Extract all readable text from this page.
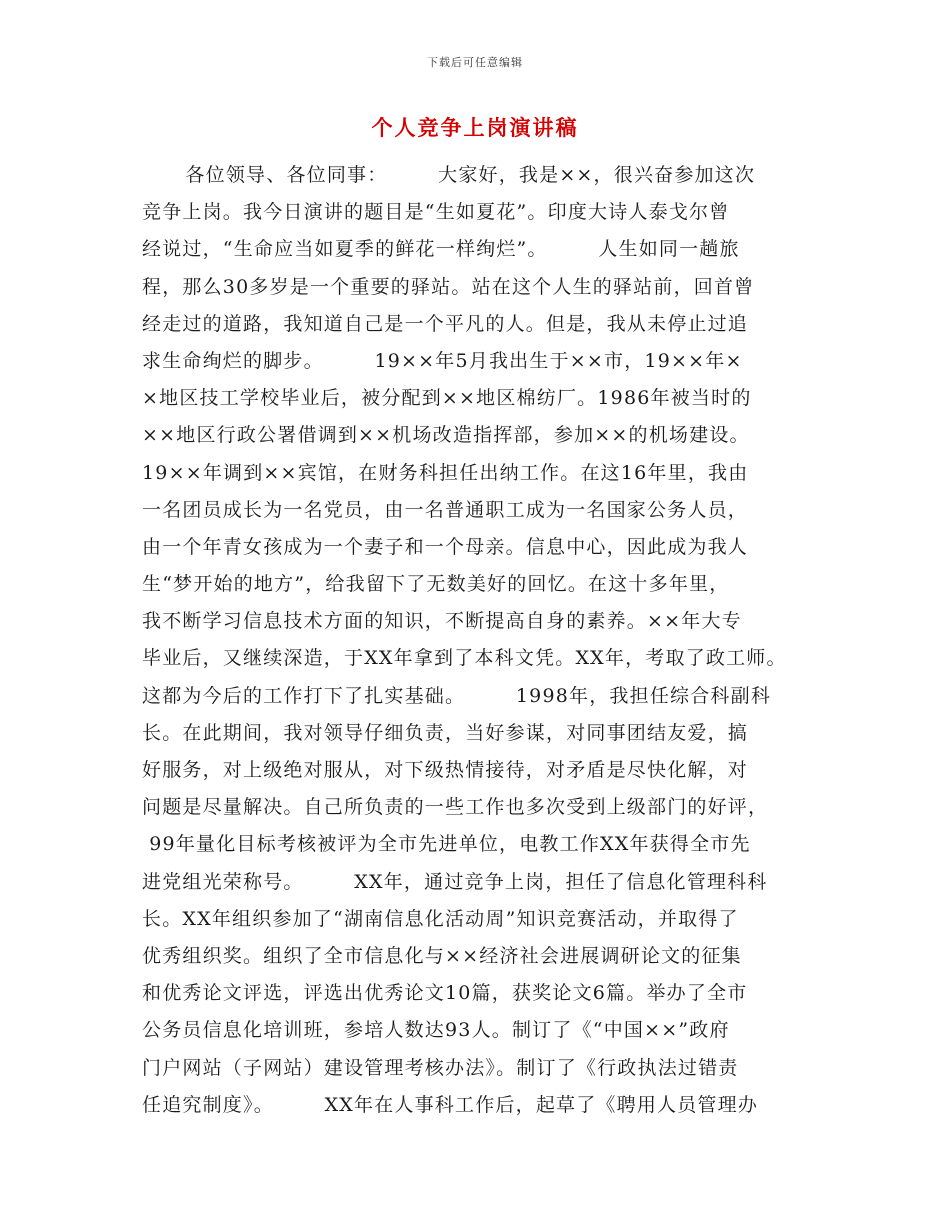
下载后可任意编辑
个人竞争上岗演讲稿
各位领导、各位同事：       大家好，我是××，很兴奋参加这次
竞争上岗。我今日演讲的题目是“生如夏花”。印度大诗人泰戈尔曾
经说过，“生命应当如夏季的鲜花一样绚烂”。       人生如同一趟旅
程，那么30多岁是一个重要的驿站。站在这个人生的驿站前，回首曾
经走过的道路，我知道自己是一个平凡的人。但是，我从未停止过追
求生命绚烂的脚步。       19××年5月我出生于××市，19××年×
×地区技工学校毕业后，被分配到××地区棉纺厂。1986年被当时的
××地区行政公署借调到××机场改造指挥部，参加××的机场建设。
19××年调到××宾馆，在财务科担任出纳工作。在这16年里，我由
一名团员成长为一名党员，由一名普通职工成为一名国家公务人员，
由一个年青女孩成为一个妻子和一个母亲。信息中心，因此成为我人
生“梦开始的地方”，给我留下了无数美好的回忆。在这十多年里，
我不断学习信息技术方面的知识，不断提高自身的素养。××年大专
毕业后，又继续深造，于XX年拿到了本科文凭。XX年，考取了政工师。
这都为今后的工作打下了扎实基础。       1998年，我担任综合科副科
长。在此期间，我对领导仔细负责，当好参谋，对同事团结友爱，搞
好服务，对上级绝对服从，对下级热情接待，对矛盾是尽快化解，对
问题是尽量解决。自己所负责的一些工作也多次受到上级部门的好评，
99年量化目标考核被评为全市先进单位，电教工作XX年获得全市先
进党组光荣称号。       XX年，通过竞争上岗，担任了信息化管理科科
长。XX年组织参加了“湖南信息化活动周”知识竞赛活动，并取得了
优秀组织奖。组织了全市信息化与××经济社会进展调研论文的征集
和优秀论文评选，评选出优秀论文10篇，获奖论文6篇。举办了全市
公务员信息化培训班，参培人数达93人。制订了《“中国××”政府
门户网站（子网站）建设管理考核办法》。制订了《行政执法过错责
任追究制度》。       XX年在人事科工作后，起草了《聘用人员管理办
